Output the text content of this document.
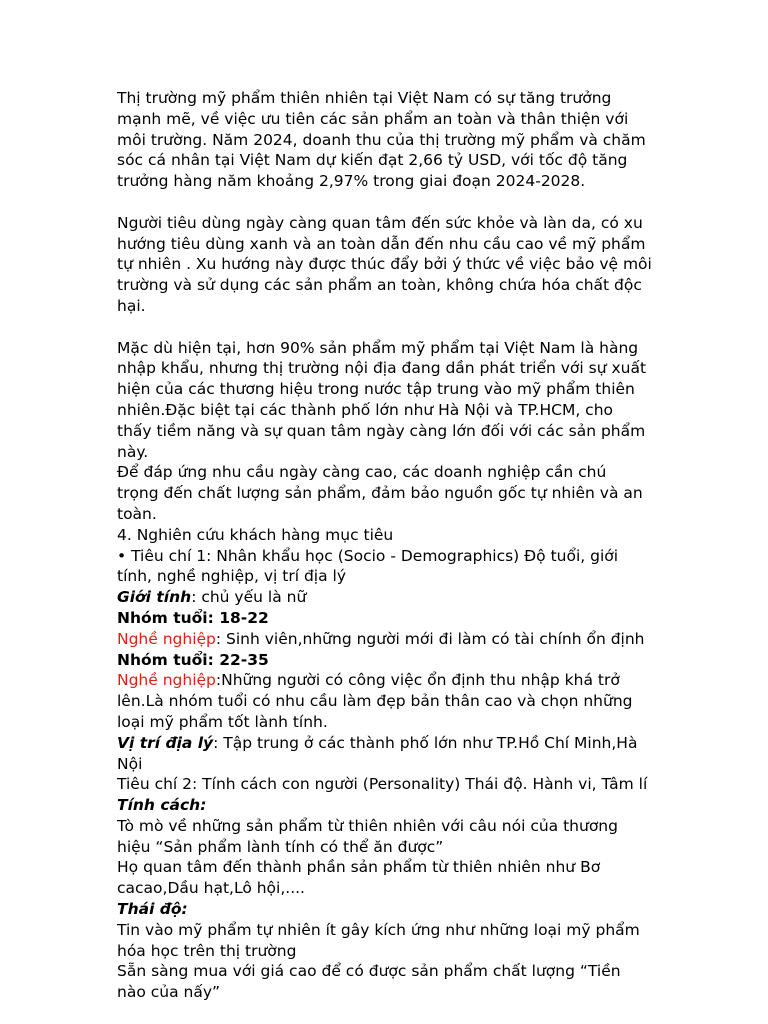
Thị trường mỹ phẩm thiên nhiên tại Việt Nam có sự tăng trưởng mạnh mẽ, về việc ưu tiên các sản phẩm an toàn và thân thiện với môi trường. Năm 2024, doanh thu của thị trường mỹ phẩm và chăm sóc cá nhân tại Việt Nam dự kiến đạt 2,66 tỷ USD, với tốc độ tăng trưởng hàng năm khoảng 2,97% trong giai đoạn 2024-2028.

Người tiêu dùng ngày càng quan tâm đến sức khỏe và làn da, có xu hướng tiêu dùng xanh và an toàn dẫn đến nhu cầu cao về mỹ phẩm tự nhiên . Xu hướng này được thúc đẩy bởi ý thức về việc bảo vệ môi trường và sử dụng các sản phẩm an toàn, không chứa hóa chất độc hại.

Mặc dù hiện tại, hơn 90% sản phẩm mỹ phẩm tại Việt Nam là hàng nhập khẩu, nhưng thị trường nội địa đang dần phát triển với sự xuất hiện của các thương hiệu trong nước tập trung vào mỹ phẩm thiên nhiên.Đặc biệt tại các thành phố lớn như Hà Nội và TP.HCM, cho thấy tiềm năng và sự quan tâm ngày càng lớn đối với các sản phẩm này.

Để đáp ứng nhu cầu ngày càng cao, các doanh nghiệp cần chú trọng đến chất lượng sản phẩm, đảm bảo nguồn gốc tự nhiên và an toàn.

4. Nghiên cứu khách hàng mục tiêu

• Tiêu chí 1: Nhân khẩu học (Socio - Demographics) Độ tuổi, giới tính, nghề nghiệp, vị trí địa lý

Giới tính: chủ yếu là nữ

Nhóm tuổi: 18-22

Nghề nghiệp: Sinh viên,những người mới đi làm có tài chính ổn định

Nhóm tuổi: 22-35

Nghề nghiệp:Những người có công việc ổn định thu nhập khá trở lên.Là nhóm tuổi có nhu cầu làm đẹp bản thân cao và chọn những loại mỹ phẩm tốt lành tính.

Vị trí địa lý: Tập trung ở các thành phố lớn như TP.Hồ Chí Minh,Hà Nội

Tiêu chí 2: Tính cách con người (Personality) Thái độ. Hành vi, Tâm lí

Tính cách:

Tò mò về những sản phẩm từ thiên nhiên với câu nói của thương hiệu “Sản phẩm lành tính có thể ăn được”

Họ quan tâm đến thành phần sản phẩm từ thiên nhiên như Bơ cacao,Dầu hạt,Lô hội,....

Thái độ:

Tin vào mỹ phẩm tự nhiên ít gây kích ứng như những loại mỹ phẩm hóa học trên thị trường

Sẵn sàng mua với giá cao để có được sản phẩm chất lượng “Tiền nào của nấy”
